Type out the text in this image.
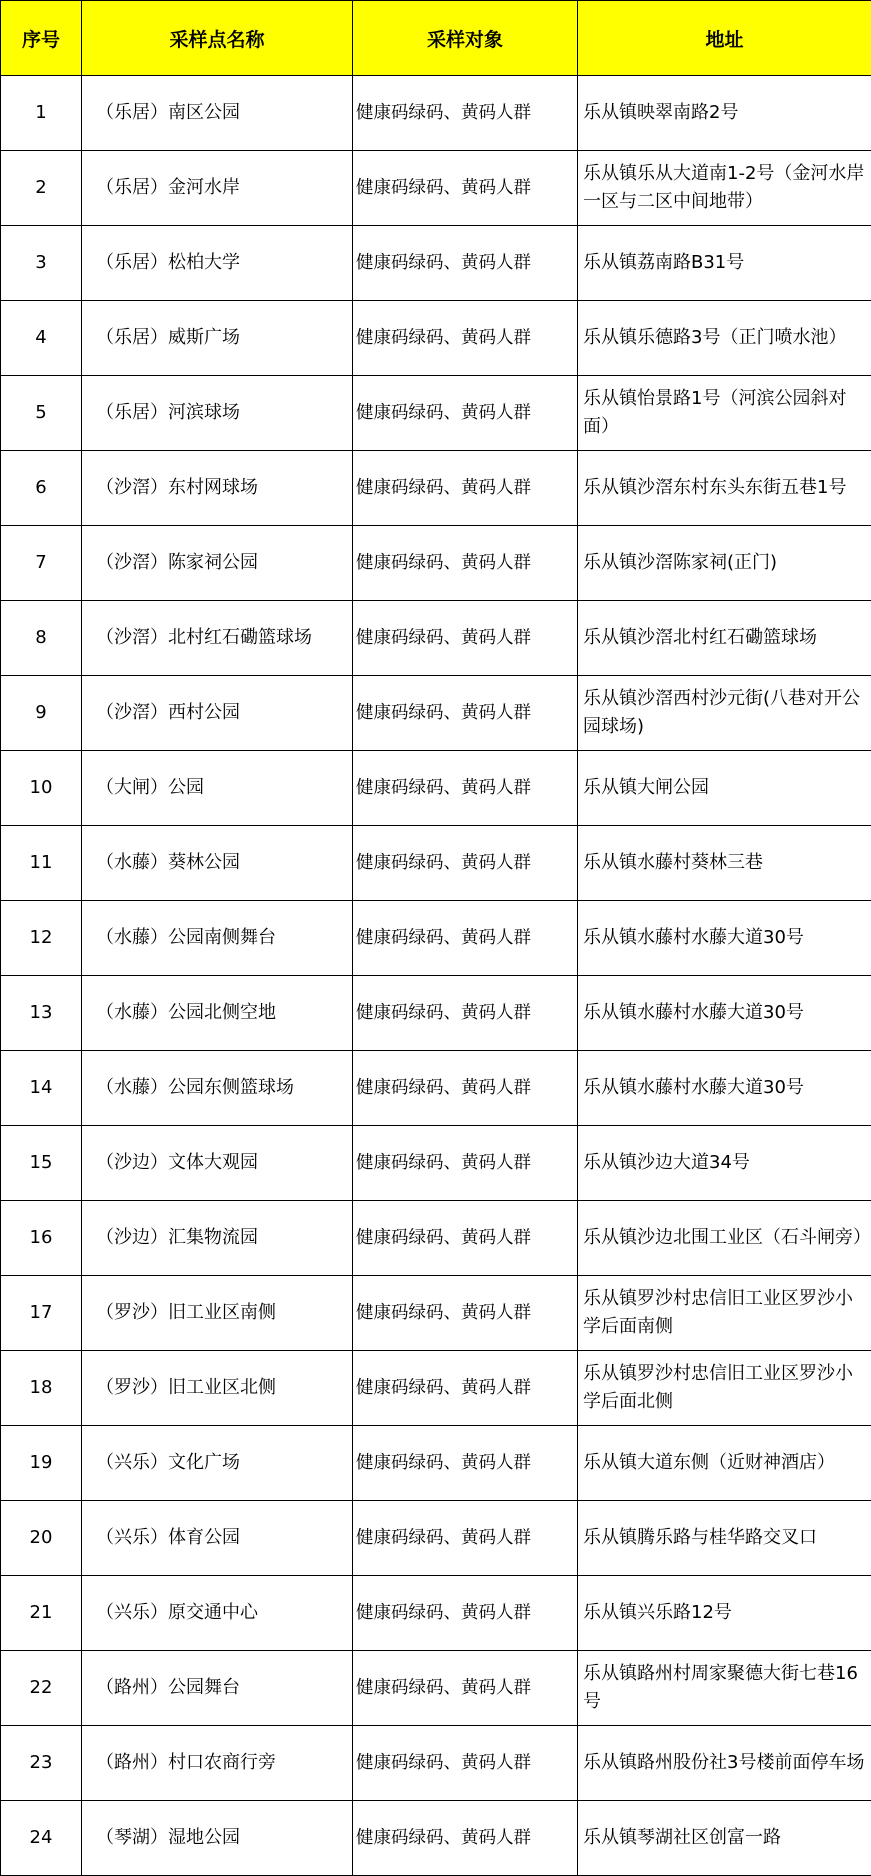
序号	采样点名称	采样对象	地址
1	（乐居）南区公园	健康码绿码、黄码人群	乐从镇映翠南路2号
2	（乐居）金河水岸	健康码绿码、黄码人群	乐从镇乐从大道南1-2号（金河水岸一区与二区中间地带）
3	（乐居）松柏大学	健康码绿码、黄码人群	乐从镇荔南路B31号
4	（乐居）威斯广场	健康码绿码、黄码人群	乐从镇乐德路3号（正门喷水池）
5	（乐居）河滨球场	健康码绿码、黄码人群	乐从镇怡景路1号（河滨公园斜对面）
6	（沙滘）东村网球场	健康码绿码、黄码人群	乐从镇沙滘东村东头东街五巷1号
7	（沙滘）陈家祠公园	健康码绿码、黄码人群	乐从镇沙滘陈家祠(正门)
8	（沙滘）北村红石磡篮球场	健康码绿码、黄码人群	乐从镇沙滘北村红石磡篮球场
9	（沙滘）西村公园	健康码绿码、黄码人群	乐从镇沙滘西村沙元街(八巷对开公园球场)
10	（大闸）公园	健康码绿码、黄码人群	乐从镇大闸公园
11	（水藤）葵林公园	健康码绿码、黄码人群	乐从镇水藤村葵林三巷
12	（水藤）公园南侧舞台	健康码绿码、黄码人群	乐从镇水藤村水藤大道30号
13	（水藤）公园北侧空地	健康码绿码、黄码人群	乐从镇水藤村水藤大道30号
14	（水藤）公园东侧篮球场	健康码绿码、黄码人群	乐从镇水藤村水藤大道30号
15	（沙边）文体大观园	健康码绿码、黄码人群	乐从镇沙边大道34号
16	（沙边）汇集物流园	健康码绿码、黄码人群	乐从镇沙边北围工业区（石斗闸旁）
17	（罗沙）旧工业区南侧	健康码绿码、黄码人群	乐从镇罗沙村忠信旧工业区罗沙小学后面南侧
18	（罗沙）旧工业区北侧	健康码绿码、黄码人群	乐从镇罗沙村忠信旧工业区罗沙小学后面北侧
19	（兴乐）文化广场	健康码绿码、黄码人群	乐从镇大道东侧（近财神酒店）
20	（兴乐）体育公园	健康码绿码、黄码人群	乐从镇腾乐路与桂华路交叉口
21	（兴乐）原交通中心	健康码绿码、黄码人群	乐从镇兴乐路12号
22	（路州）公园舞台	健康码绿码、黄码人群	乐从镇路州村周家聚德大街七巷16号
23	（路州）村口农商行旁	健康码绿码、黄码人群	乐从镇路州股份社3号楼前面停车场
24	（琴湖）湿地公园	健康码绿码、黄码人群	乐从镇琴湖社区创富一路
